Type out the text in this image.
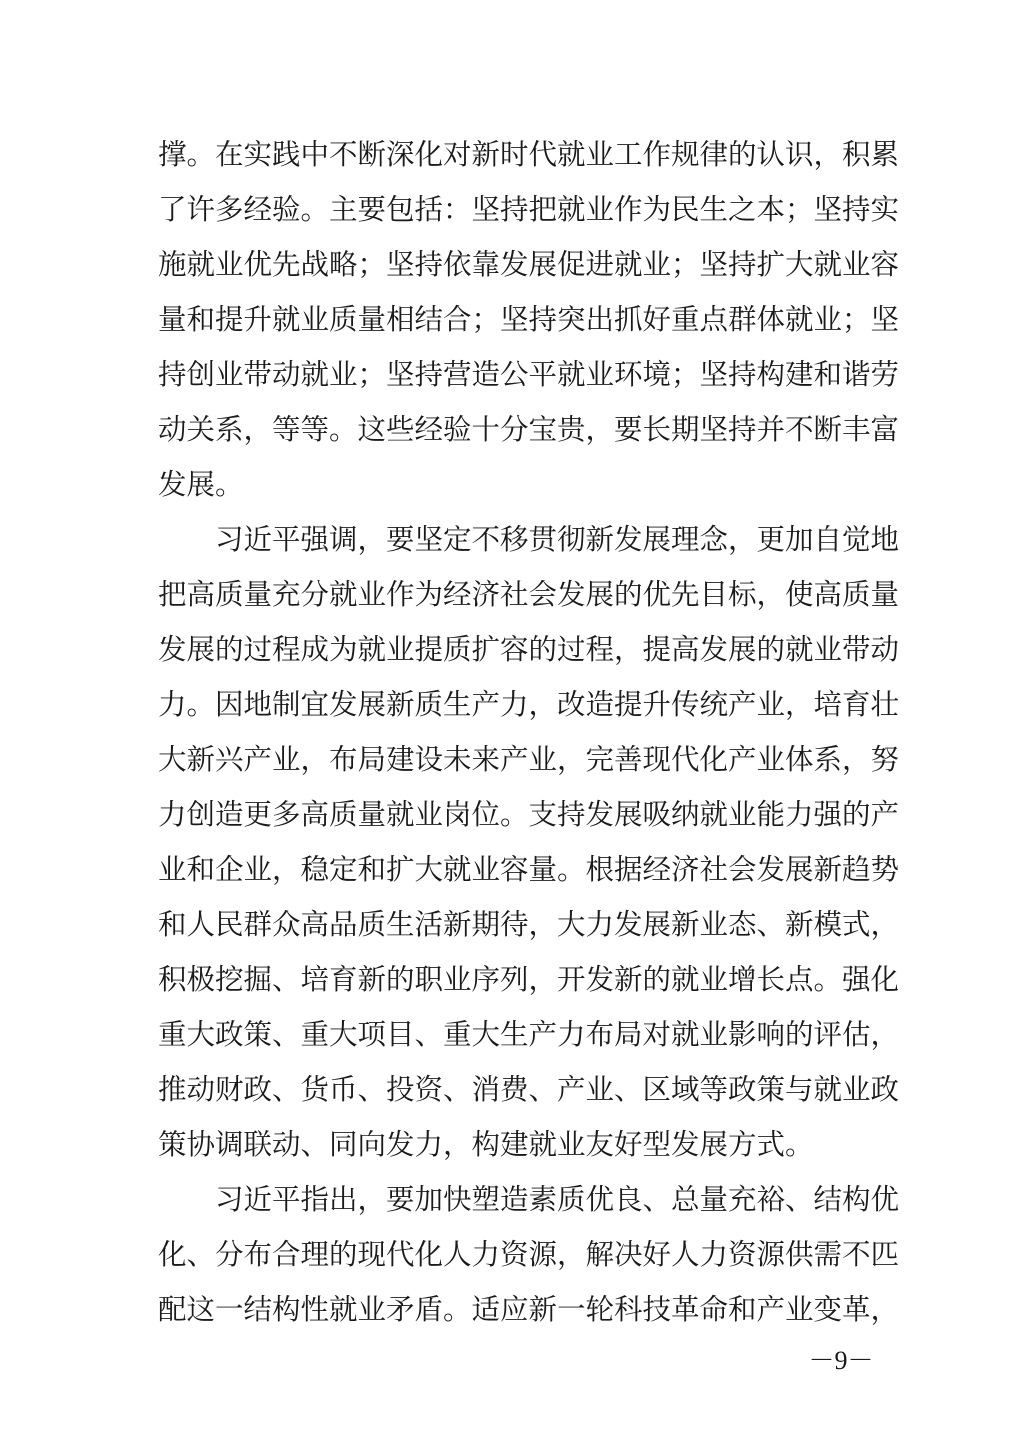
撑。在实践中不断深化对新时代就业工作规律的认识，积累
了许多经验。主要包括：坚持把就业作为民生之本；坚持实
施就业优先战略；坚持依靠发展促进就业；坚持扩大就业容
量和提升就业质量相结合；坚持突出抓好重点群体就业；坚
持创业带动就业；坚持营造公平就业环境；坚持构建和谐劳
动关系，等等。这些经验十分宝贵，要长期坚持并不断丰富
发展。
　　习近平强调，要坚定不移贯彻新发展理念，更加自觉地
把高质量充分就业作为经济社会发展的优先目标，使高质量
发展的过程成为就业提质扩容的过程，提高发展的就业带动
力。因地制宜发展新质生产力，改造提升传统产业，培育壮
大新兴产业，布局建设未来产业，完善现代化产业体系，努
力创造更多高质量就业岗位。支持发展吸纳就业能力强的产
业和企业，稳定和扩大就业容量。根据经济社会发展新趋势
和人民群众高品质生活新期待，大力发展新业态、新模式，
积极挖掘、培育新的职业序列，开发新的就业增长点。强化
重大政策、重大项目、重大生产力布局对就业影响的评估，
推动财政、货币、投资、消费、产业、区域等政策与就业政
策协调联动、同向发力，构建就业友好型发展方式。
　　习近平指出，要加快塑造素质优良、总量充裕、结构优
化、分布合理的现代化人力资源，解决好人力资源供需不匹
配这一结构性就业矛盾。适应新一轮科技革命和产业变革，
－9－
